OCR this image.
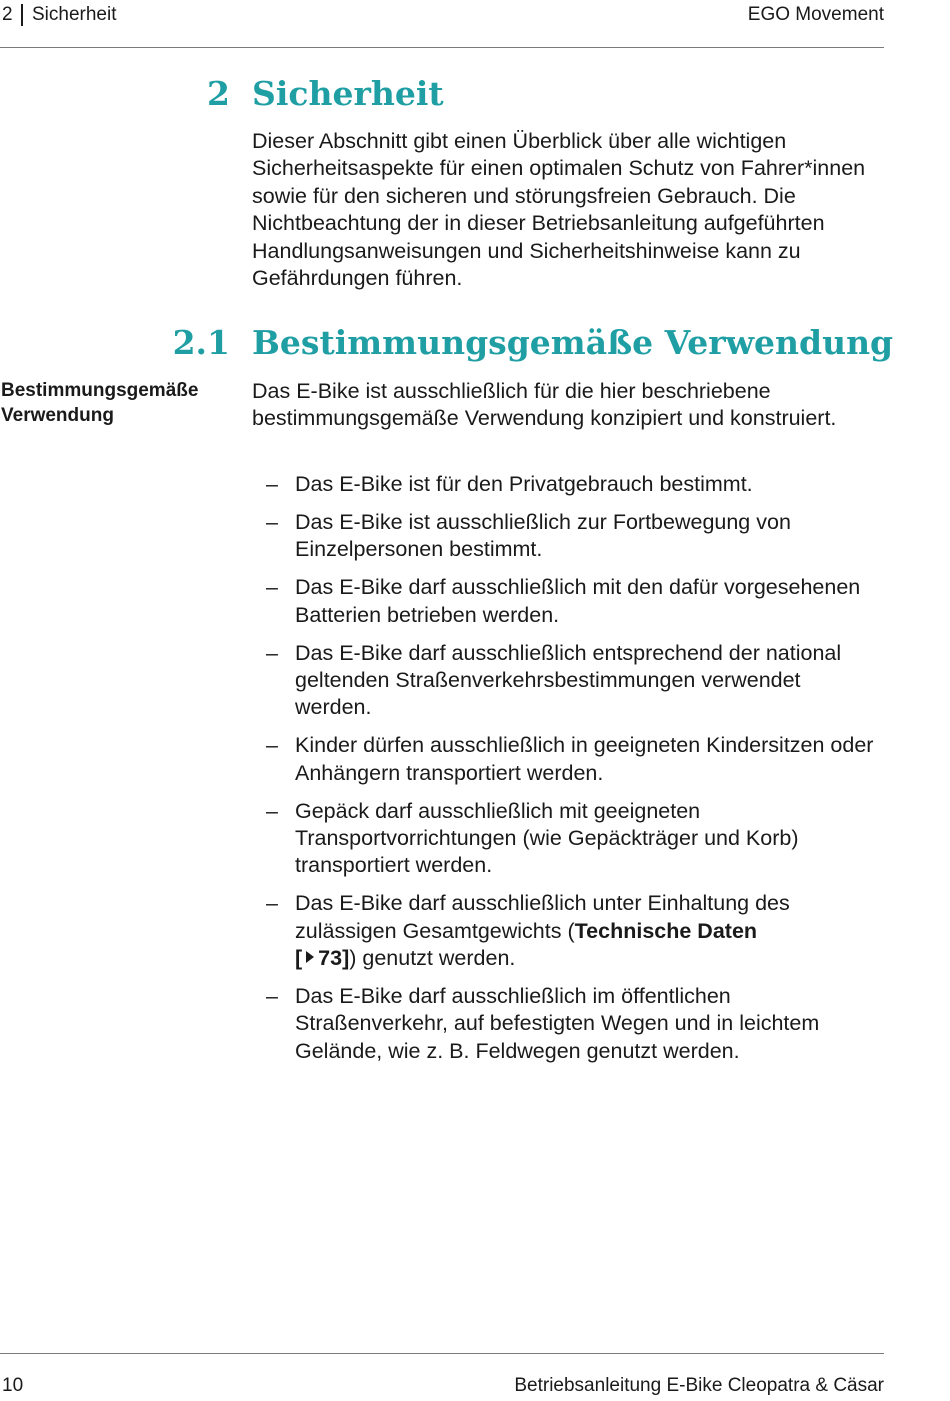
2 Sicherheit	EGO Movement
2 Sicherheit
Dieser Abschnitt gibt einen Überblick über alle wichtigen Sicherheitsaspekte für einen optimalen Schutz von Fahrer*innen sowie für den sicheren und störungsfreien Gebrauch. Die Nichtbeachtung der in dieser Betriebsanleitung aufgeführten Handlungsanweisungen und Sicherheitshinweise kann zu Gefährdungen führen.
2.1 Bestimmungsgemäße Verwendung
Bestimmungsgemäße Verwendung
Das E-Bike ist ausschließlich für die hier beschriebene bestimmungsgemäße Verwendung konzipiert und konstruiert.
– Das E-Bike ist für den Privatgebrauch bestimmt.
– Das E-Bike ist ausschließlich zur Fortbewegung von Einzelpersonen bestimmt.
– Das E-Bike darf ausschließlich mit den dafür vorgesehenen Batterien betrieben werden.
– Das E-Bike darf ausschließlich entsprechend der national geltenden Straßenverkehrsbestimmungen verwendet werden.
– Kinder dürfen ausschließlich in geeigneten Kindersitzen oder Anhängern transportiert werden.
– Gepäck darf ausschließlich mit geeigneten Transportvorrichtungen (wie Gepäckträger und Korb) transportiert werden.
– Das E-Bike darf ausschließlich unter Einhaltung des zulässigen Gesamtgewichts (Technische Daten
[ 73]) genutzt werden.
– Das E-Bike darf ausschließlich im öffentlichen Straßenverkehr, auf befestigten Wegen und in leichtem Gelände, wie z. B. Feldwegen genutzt werden.
10	Betriebsanleitung E-Bike Cleopatra & Cäsar
